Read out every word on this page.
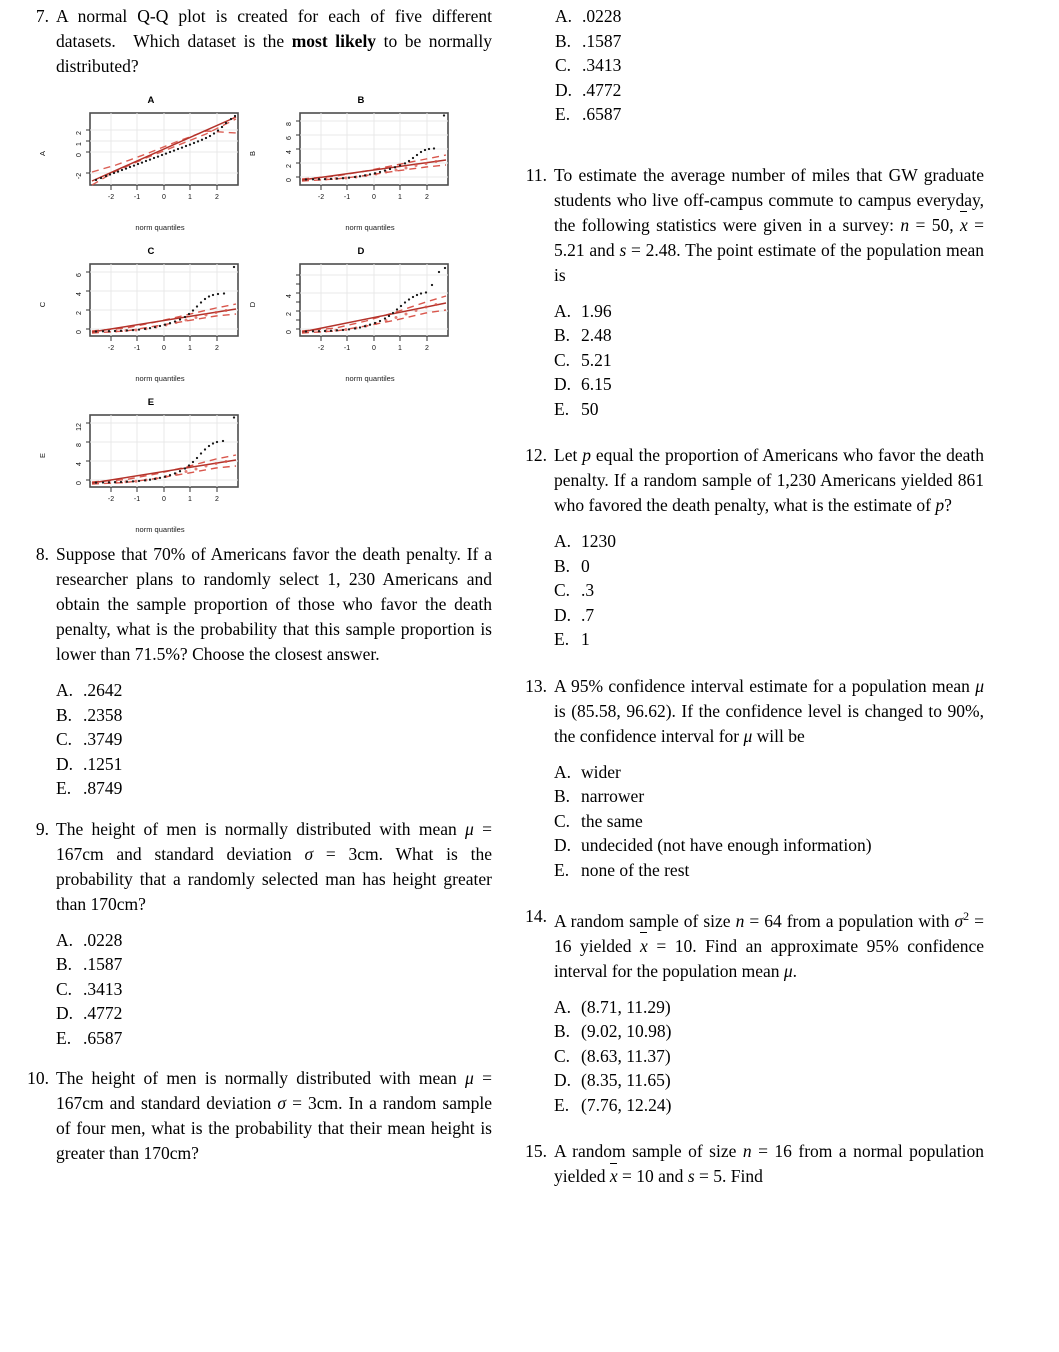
7. A normal Q-Q plot is created for each of five different datasets. Which dataset is the most likely to be normally distributed?

A
A
-2
0
1
2
-2	-1	0	1	2
norm quantiles
B
B
0
2
4
6
8
-2	-1	0	1	2
norm quantiles
C
C
0
2
4
6
-2	-1	0	1	2
norm quantiles
D
D
0
2
4
-2	-1	0	1	2
norm quantiles
E
E
0
4
8
12
-2	-1	0	1	2
norm quantiles
8. Suppose that 70% of Americans favor the death penalty. If a researcher plans to randomly select 1, 230 Americans and obtain the sample proportion of those who favor the death penalty, what is the probability that this sample proportion is lower than 71.5%? Choose the closest answer.

A. .2642
B. .2358
C. .3749
D. .1251
E. .8749
9. The height of men is normally distributed with mean μ = 167cm and standard deviation σ = 3cm. What is the probability that a randomly selected man has height greater than 170cm?

A. .0228
B. .1587
C. .3413
D. .4772
E. .6587
10. The height of men is normally distributed with mean μ = 167cm and standard deviation σ = 3cm. In a random sample of four men, what is the probability that their mean height is greater than 170cm?

A. .0228
B. .1587
C. .3413
D. .4772
E. .6587
11. To estimate the average number of miles that GW graduate students who live off-campus commute to campus everyday, the following statistics were given in a survey: n = 50, x = 5.21 and s = 2.48. The point estimate of the population mean is

A. 1.96
B. 2.48
C. 5.21
D. 6.15
E. 50
12. Let p equal the proportion of Americans who favor the death penalty. If a random sample of 1,230 Americans yielded 861 who favored the death penalty, what is the estimate of p?

A. 1230
B. 0
C. .3
D. .7
E. 1
13. A 95% confidence interval estimate for a population mean μ is (85.58, 96.62). If the confidence level is changed to 90%, the confidence interval for μ will be

A. wider
B. narrower
C. the same
D. undecided (not have enough information)
E. none of the rest
14. A random sample of size n = 64 from a population with $\sigma^2 = 16$ yielded x = 10. Find an approximate 95% confidence interval for the population mean μ.

A. (8.71, 11.29)
B. (9.02, 10.98)
C. (8.63, 11.37)
D. (8.35, 11.65)
E. (7.76, 12.24)
15. A random sample of size n = 16 from a normal population yielded x = 10 and s = 5. Find
